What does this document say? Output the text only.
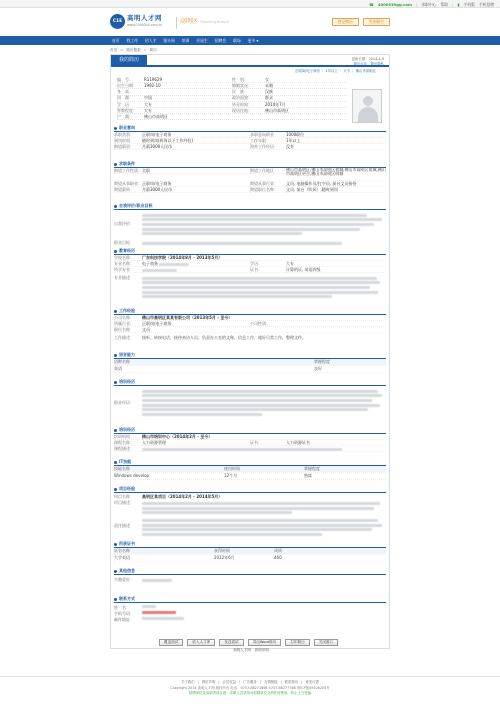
☎ 4000539gg.com | 求职中心 帮助 | ▮ 手机版 手机招聘
C1E 高明人才网
www.0390000.com.cn	高明区 Gaoming Branch	登记简历	发布职位
首页 找工作 招人才 猎头网 培训 应届生 招聘会 职场 更多 ▾
首页 > 简历搜索 > 简历
我的简历	更新日期：2014-4-9
简历点评　 简历隐私
正职岗/电子商务 ｜ 1年以上 ｜ 大专 ｜ 佛山市高明区
编　号：	R119629	性　别：	女
出生日期：	1992-10	婚姻状况：	未婚
身　高：	民　族：	汉族
国　籍：	中国	政治面貌：	群众
学　历：	大专	毕业时间：	2014年7月
智教程度：	大专	现居住地：	佛山市高明区
户　籍：	佛山市高明区
职业意向
求职类别：	正职岗/电子商务	求职意向职业：	1000职位
到岗时间：	随时到岗(两周以下工作经验)	工作年限：	1年以上
期望薪资：	月薪3000人民币	海外工作经历：	没有
求职条件
期望工作性质： 全职	期望工作地区：	佛山市高明区,佛山市高明区荷城,佛山市高明区荷城,佛山市高明区更合,佛山市高明区明城
期望从事职业： 正职岗/电子商务	期望从事行业：	文员, 电脑操作员/打字员, 前台文员接待
期望薪资：	月薪3000人民币	期望职位名称：	文员, 前台（吹风）,随时到岗
自我评价/职业目标
自我评价：
职业目标：
教育经历
学校名称：	广东科技学院（2014年8月 - 2013年5月）
专业名称：	电子商务	学历：	大专
所学专业：	证书：	计算机证, 英语四级
专业描述：
工作经验
公司名称：	佛山市高明区某某有限公司（2013年5月 - 至今）
所属行业：	正职岗/电子商务	公司性质：
职位名称：	文员
工作描述：	接听、转接电话；接待来访人员；负责办公室的文秘、信息工作，做好日常工作，整理文件。
语言能力
语种名称	掌握程度
英语	良好
培训经历
职业经历：
培训经历
培训机构：	佛山市培训中心（2014年2月 - 至今）
课程名称：	人力资源管理	证书：	人力资源证书
课程描述：
IT技能
技能名称	使用时间	掌握程度
Windows develop	12个月	熟练
项目经验
项目名称：	高明区某项目（2014年2月 - 2014年5月）
项目描述：
责任描述：
所获证书
证书名称	获得时间	成绩
大学英语	2012年6月	460
其他信息
兴趣爱好：
联系方式
姓　名：
手机号码：
邮件地址：
覆盖面试	收入人才库	发送面试	导出Word简历	打印简历	关闭窗口
高明人才网　高明求职
关于我们 | 网站声明 | 会员权益 | 广告服务 | 友情链接 | 联系我们 | 意见反馈
Copyright 2014 高明人才网 版权所有 电话：0757-88271666 0757-88277788 粤ICP备09108205号
招聘单位及求职者请注意：求职人员请勿向招聘单位交纳任何费用，防止上当受骗
